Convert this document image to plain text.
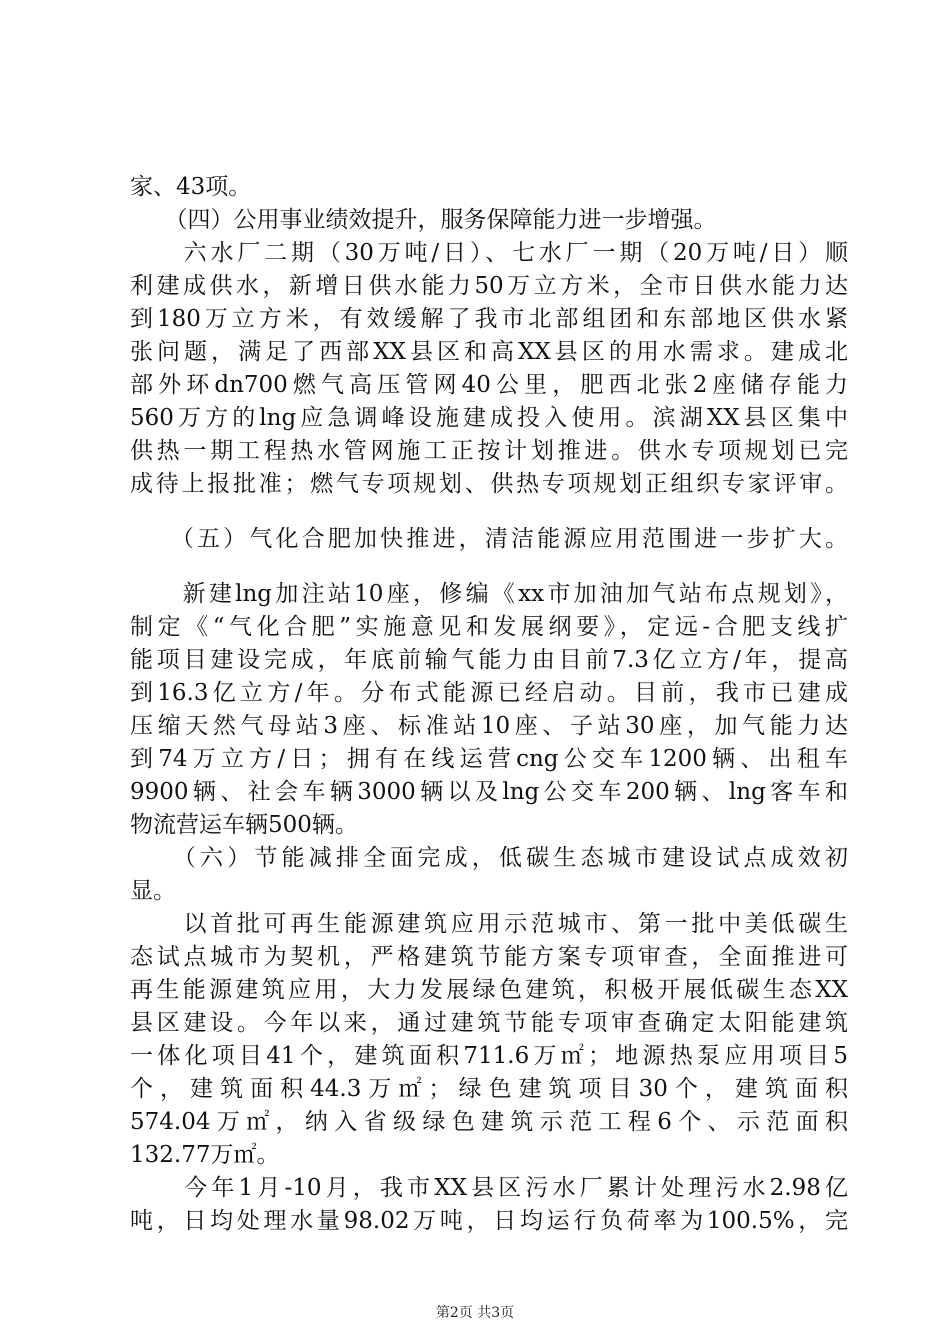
家、43项。
　　（四）公用事业绩效提升，服务保障能力进一步增强。
　　六水厂二期（30万吨/日）、七水厂一期（20万吨/日）顺
利建成供水，新增日供水能力50万立方米，全市日供水能力达
到180万立方米，有效缓解了我市北部组团和东部地区供水紧
张问题，满足了西部XX县区和高XX县区的用水需求。建成北
部外环dn700燃气高压管网40公里，肥西北张2座储存能力
560万方的lng应急调峰设施建成投入使用。滨湖XX县区集中
供热一期工程热水管网施工正按计划推进。供水专项规划已完
成待上报批准；燃气专项规划、供热专项规划正组织专家评审。
　　（五）气化合肥加快推进，清洁能源应用范围进一步扩大。
　　新建lng加注站10座，修编《xx市加油加气站布点规划》，
制定《“气化合肥”实施意见和发展纲要》，定远-合肥支线扩
能项目建设完成，年底前输气能力由目前7.3亿立方/年，提高
到16.3亿立方/年。分布式能源已经启动。目前，我市已建成
压缩天然气母站3座、标准站10座、子站30座，加气能力达
到74万立方/日；拥有在线运营cng公交车1200辆、出租车
9900辆、社会车辆3000辆以及lng公交车200辆、lng客车和
物流营运车辆500辆。
　　（六）节能减排全面完成，低碳生态城市建设试点成效初
显。
　　以首批可再生能源建筑应用示范城市、第一批中美低碳生
态试点城市为契机，严格建筑节能方案专项审查，全面推进可
再生能源建筑应用，大力发展绿色建筑，积极开展低碳生态XX
县区建设。今年以来，通过建筑节能专项审查确定太阳能建筑
一体化项目41个，建筑面积711.6万㎡；地源热泵应用项目5
个，建筑面积44.3万㎡；绿色建筑项目30个，建筑面积
574.04万㎡，纳入省级绿色建筑示范工程6个、示范面积
132.77万㎡。
　　今年1月-10月，我市XX县区污水厂累计处理污水2.98亿
吨，日均处理水量98.02万吨，日均运行负荷率为100.5%，完
第2页 共3页
